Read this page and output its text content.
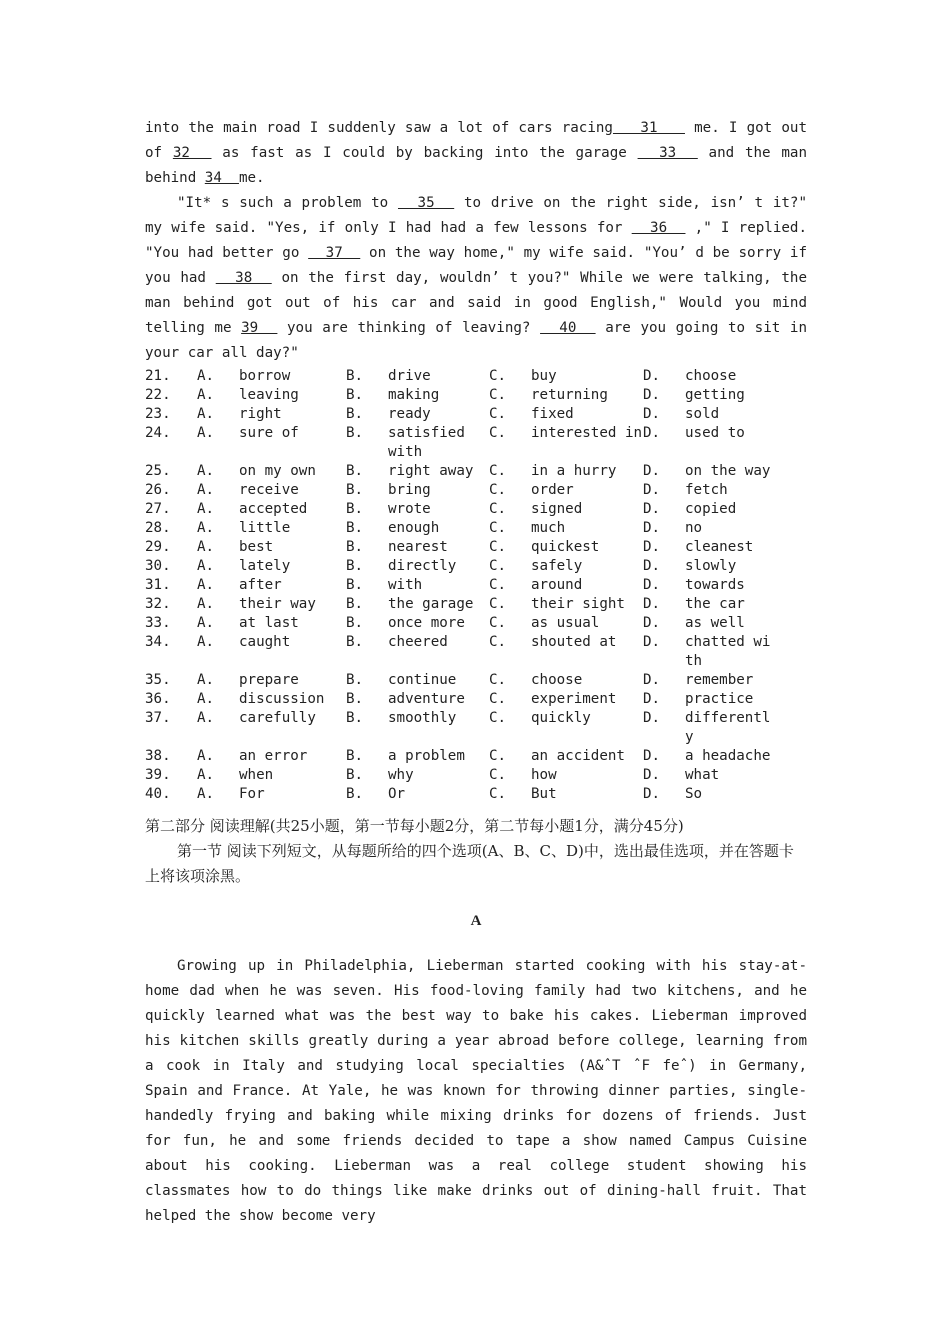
into the main road I suddenly saw a lot of cars racing   31    me. I got out of 32   as fast as I could by backing into the garage   33   and the man behind 34  me.

"It* s such a problem to   35   to drive on the right side, isn’ t it?" my wife said. "Yes, if only I had had a few lessons for   36   ," I replied. "You had better go   37   on the way home," my wife said. "You’ d be sorry if you had   38   on the first day, wouldn’ t you?" While we were talking, the man behind got out of his car and said in good English," Would you mind telling me 39   you are thinking of leaving?   40   are you going to sit in your car all day?"

21.	A.	borrow	B.	drive	C.	buy	D.	choose
22.	A.	leaving	B.	making	C.	returning	D.	getting
23.	A.	right	B.	ready	C.	fixed	D.	sold
24.	A.	sure of	B.	satisfied with	C.	interested in	D.	used to
25.	A.	on my own	B.	right away	C.	in a hurry	D.	on the way
26.	A.	receive	B.	bring	C.	order	D.	fetch
27.	A.	accepted	B.	wrote	C.	signed	D.	copied
28.	A.	little	B.	enough	C.	much	D.	no
29.	A.	best	B.	nearest	C.	quickest	D.	cleanest
30.	A.	lately	B.	directly	C.	safely	D.	slowly
31.	A.	after	B.	with	C.	around	D.	towards
32.	A.	their way	B.	the garage	C.	their sight	D.	the car
33.	A.	at last	B.	once more	C.	as usual	D.	as well
34.	A.	caught	B.	cheered	C.	shouted at	D.	chatted with
35.	A.	prepare	B.	continue	C.	choose	D.	remember
36.	A.	discussion	B.	adventure	C.	experiment	D.	practice
37.	A.	carefully	B.	smoothly	C.	quickly	D.	differently
38.	A.	an error	B.	a problem	C.	an accident	D.	a headache
39.	A.	when	B.	why	C.	how	D.	what
40.	A.	For	B.	Or	C.	But	D.	So

第二部分 阅读理解(共25小题，第一节每小题2分，第二节每小题1分，满分45分)

第一节 阅读下列短文，从每题所给的四个选项(A、B、C、D)中，选出最佳选项，并在答题卡上将该项涂黑。

A

Growing up in Philadelphia, Lieberman started cooking with his stay-at-home dad when he was seven. His food-loving family had two kitchens, and he quickly learned what was the best way to bake his cakes. Lieberman improved his kitchen skills greatly during a year abroad before college, learning from a cook in Italy and studying local specialties (A&ˆT ˆF feˆ) in Germany, Spain and France. At Yale, he was known for throwing dinner parties, single-handedly frying and baking while mixing drinks for dozens of friends. Just for fun, he and some friends decided to tape a show named Campus Cuisine about his cooking. Lieberman was a real college student showing his classmates how to do things like make drinks out of dining-hall fruit. That helped the show become very
